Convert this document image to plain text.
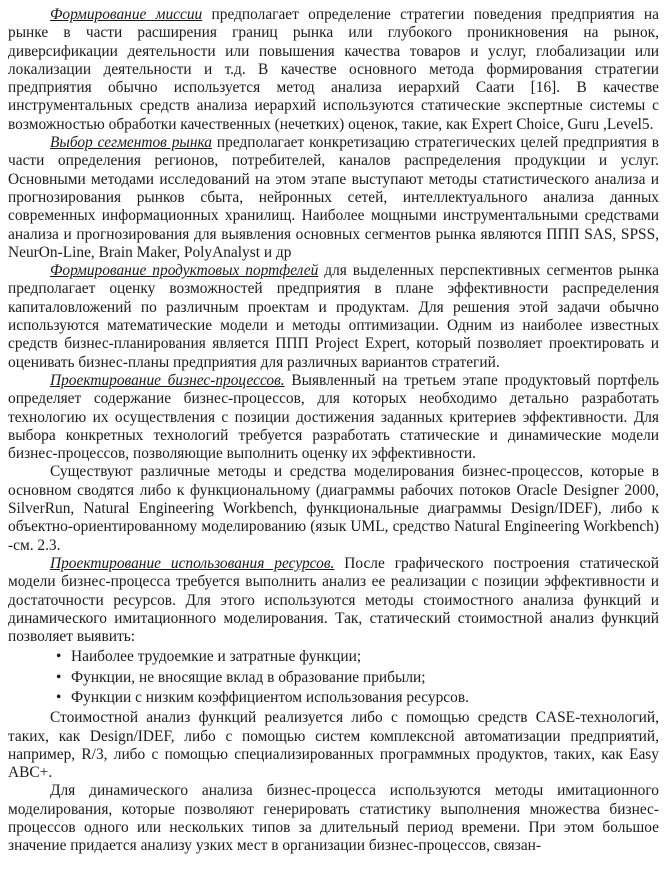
Формирование миссии предполагает определение стратегии поведения предприятия на рынке в части расширения границ рынка или глубокого проникновения на рынок, диверсификации деятельности или повышения качества товаров и услуг, глобализации или локализации деятельности и т.д. В качестве основного метода формирования стратегии предприятия обычно используется метод анализа иерархий Саати [16]. В качестве инструментальных средств анализа иерархий используются статические экспертные системы с возможностью обработки качественных (нечетких) оценок, такие, как Expert Choice, Guru ,Level5.

Выбор сегментов рынка предполагает конкретизацию стратегических целей предприятия в части определения регионов, потребителей, каналов распределения продукции и услуг. Основными методами исследований на этом этапе выступают методы статистического анализа и прогнозирования рынков сбыта, нейронных сетей, интеллектуального анализа данных современных информационных хранилищ. Наиболее мощными инструментальными средствами анализа и прогнозирования для выявления основных сегментов рынка являются ППП SAS, SPSS, NeurOn-Line, Brain Maker, PolyAnalyst и др

Формирование продуктовых портфелей для выделенных перспективных сегментов рынка предполагает оценку возможностей предприятия в плане эффективности распределения капиталовложений по различным проектам и продуктам. Для решения этой задачи обычно используются математические модели и методы оптимизации. Одним из наиболее известных средств бизнес-планирования является ППП Project Expert, который позволяет проектировать и оценивать бизнес-планы предприятия для различных вариантов стратегий.

Проектирование бизнес-процессов. Выявленный на третьем этапе продуктовый портфель определяет содержание бизнес-процессов, для которых необходимо детально разработать технологию их осуществления с позиции достижения заданных критериев эффективности. Для выбора конкретных технологий требуется разработать статические и динамические модели бизнес-процессов, позволяющие выполнить оценку их эффективности.

Существуют различные методы и средства моделирования бизнес-процессов, которые в основном сводятся либо к функциональному (диаграммы рабочих потоков Oracle Designer 2000, SilverRun, Natural Engineering Workbench, функциональные диаграммы Design/IDEF), либо к объектно-ориентированному моделированию (язык UML, средство Natural Engineering Workbench) -см. 2.3.

Проектирование использования ресурсов. После графического построения статической модели бизнес-процесса требуется выполнить анализ ее реализации с позиции эффективности и достаточности ресурсов. Для этого используются методы стоимостного анализа функций и динамического имитационного моделирования. Так, статический стоимостной анализ функций позволяет выявить:

• Наиболее трудоемкие и затратные функции;
• Функции, не вносящие вклад в образование прибыли;
• Функции с низким коэффициентом использования ресурсов.

Стоимостной анализ функций реализуется либо с помощью средств CASE-технологий, таких, как Design/IDEF, либо с помощью систем комплексной автоматизации предприятий, например, R/3, либо с помощью специализированных программных продуктов, таких, как Easy ABC+.

Для динамического анализа бизнес-процесса используются методы имитационного моделирования, которые позволяют генерировать статистику выполнения множества бизнес-процессов одного или нескольких типов за длительный период времени. При этом большое значение придается анализу узких мест в организации бизнес-процессов, связан-
